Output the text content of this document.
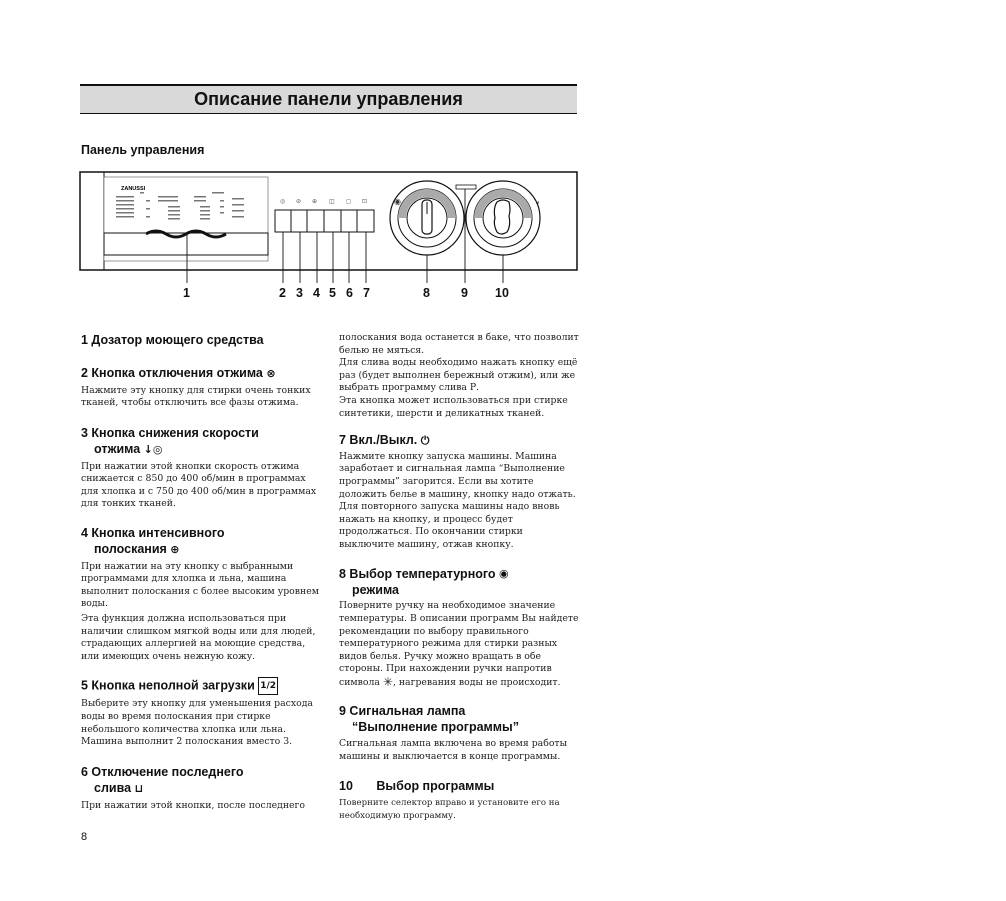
Описание панели управления
Панель управления
ZANUSSI
◎ ⊘ ⊕ ◫ ◻ ⊡	◉	↘
1	2 3 4 5 6 7	8 9 10

1 Дозатор моющего средства

2 Кнопка отключения отжима ⊗

Нажмите эту кнопку для стирки очень тонких тканей, чтобы отключить все фазы отжима.

3 Кнопка снижения скорости
отжима ↓◎

При нажатии этой кнопки скорость отжима снижается с 850 до 400 об/мин в программах для хлопка и с 750 до 400 об/мин в программах для тонких тканей.

4 Кнопка интенсивного
полоскания ⊕

При нажатии на эту кнопку с выбранными программами для хлопка и льна, машина выполнит полоскания с более высоким уровнем воды.

Эта функция должна использоваться при наличии слишком мягкой воды или для людей, страдающих аллергией на моющие средства, или имеющих очень нежную кожу.

5 Кнопка неполной загрузки 1/2

Выберите эту кнопку для уменьшения расхода воды во время полоскания при стирке небольшого количества хлопка или льна. Машина выполнит 2 полоскания вместо 3.

6 Отключение последнего
слива ⊔

При нажатии этой кнопки, после последнего

полоскания вода останется в баке, что позволит белью не мяться.

Для слива воды необходимо нажать кнопку ещё раз (будет выполнен бережный отжим), или же выбрать программу слива Р.

Эта кнопка может использоваться при стирке синтетики, шерсти и деликатных тканей.

7 Вкл./Выкл. ⏻

Нажмите кнопку запуска машины. Машина заработает и сигнальная лампа “Выполнение программы” загорится. Если вы хотите доложить белье в машину, кнопку надо отжать. Для повторного запуска машины надо вновь нажать на кнопку, и процесс будет продолжаться. По окончании стирки выключите машину, отжав кнопку.

8 Выбор температурного ◉
режима

Поверните ручку на необходимое значение температуры. В описании программ Вы найдете рекомендации по выбору правильного температурного режима для стирки разных видов белья. Ручку можно вращать в обе стороны. При нахождении ручки напротив символа ✳, нагревания воды не происходит.

9 Сигнальная лампа
“Выполнение программы”

Сигнальная лампа включена во время работы машины и выключается в конце программы.

10 Выбор программы

Поверните селектор вправо и установите его на необходимую программу.

8
